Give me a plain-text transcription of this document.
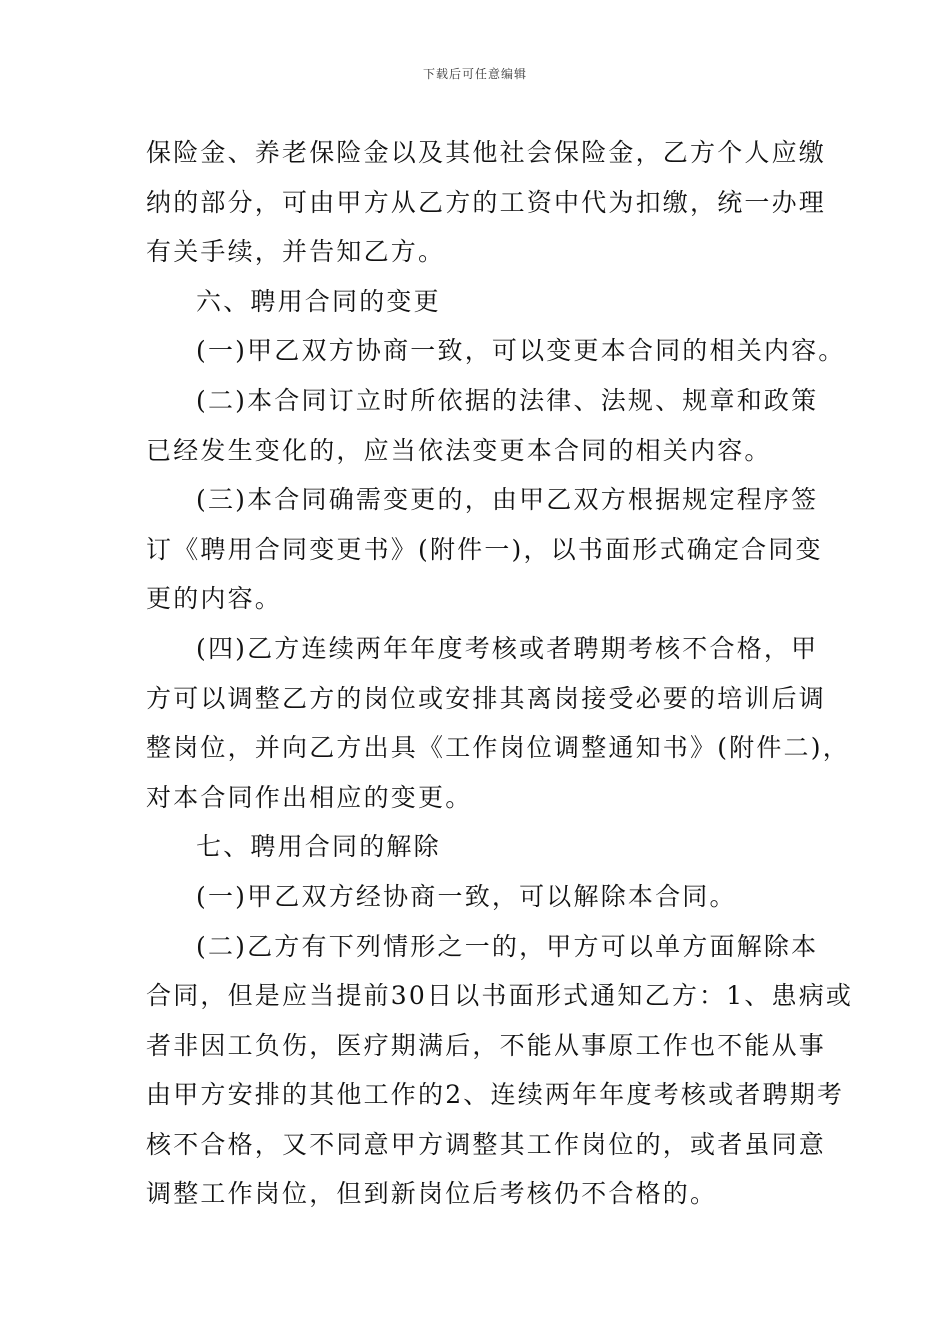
下载后可任意编辑
保险金、养老保险金以及其他社会保险金，乙方个人应缴
纳的部分，可由甲方从乙方的工资中代为扣缴，统一办理
有关手续，并告知乙方。
六、聘用合同的变更
(一)甲乙双方协商一致，可以变更本合同的相关内容。
(二)本合同订立时所依据的法律、法规、规章和政策
已经发生变化的，应当依法变更本合同的相关内容。
(三)本合同确需变更的，由甲乙双方根据规定程序签
订《聘用合同变更书》(附件一)，以书面形式确定合同变
更的内容。
(四)乙方连续两年年度考核或者聘期考核不合格，甲
方可以调整乙方的岗位或安排其离岗接受必要的培训后调
整岗位，并向乙方出具《工作岗位调整通知书》(附件二)，
对本合同作出相应的变更。
七、聘用合同的解除
(一)甲乙双方经协商一致，可以解除本合同。
(二)乙方有下列情形之一的，甲方可以单方面解除本
合同，但是应当提前30日以书面形式通知乙方：1、患病或
者非因工负伤，医疗期满后，不能从事原工作也不能从事
由甲方安排的其他工作的2、连续两年年度考核或者聘期考
核不合格，又不同意甲方调整其工作岗位的，或者虽同意
调整工作岗位，但到新岗位后考核仍不合格的。
